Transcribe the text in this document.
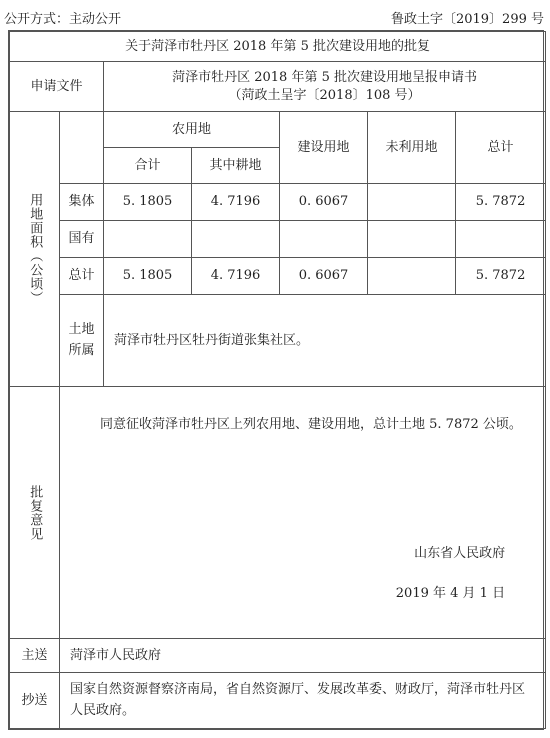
公开方式：主动公开	鲁政土字〔2019〕299 号
关于菏泽市牡丹区 2018 年第 5 批次建设用地的批复						
申请文件		菏泽市牡丹区 2018 年第 5 批次建设用地呈报申请书
（菏政土呈字〔2018〕108 号）				

用地面积（公顷）		农用地		建设用地	未利用地	总计
		合计	其中耕地			
	集体	5. 1805	4. 7196	0. 6067		5. 7872
	国有					
	总计	5. 1805	4. 7196	0. 6067		5. 7872

	土地所属	菏泽市牡丹区牡丹街道张集社区。				

批复意见	同意征收菏泽市牡丹区上列农用地、建设用地，总计土地 5. 7872 公顷。
山东省人民政府
2019 年 4 月 1 日					

主送	菏泽市人民政府					
抄送	国家自然资源督察济南局，省自然资源厅、发展改革委、财政厅，菏泽市牡丹区人民政府。					
